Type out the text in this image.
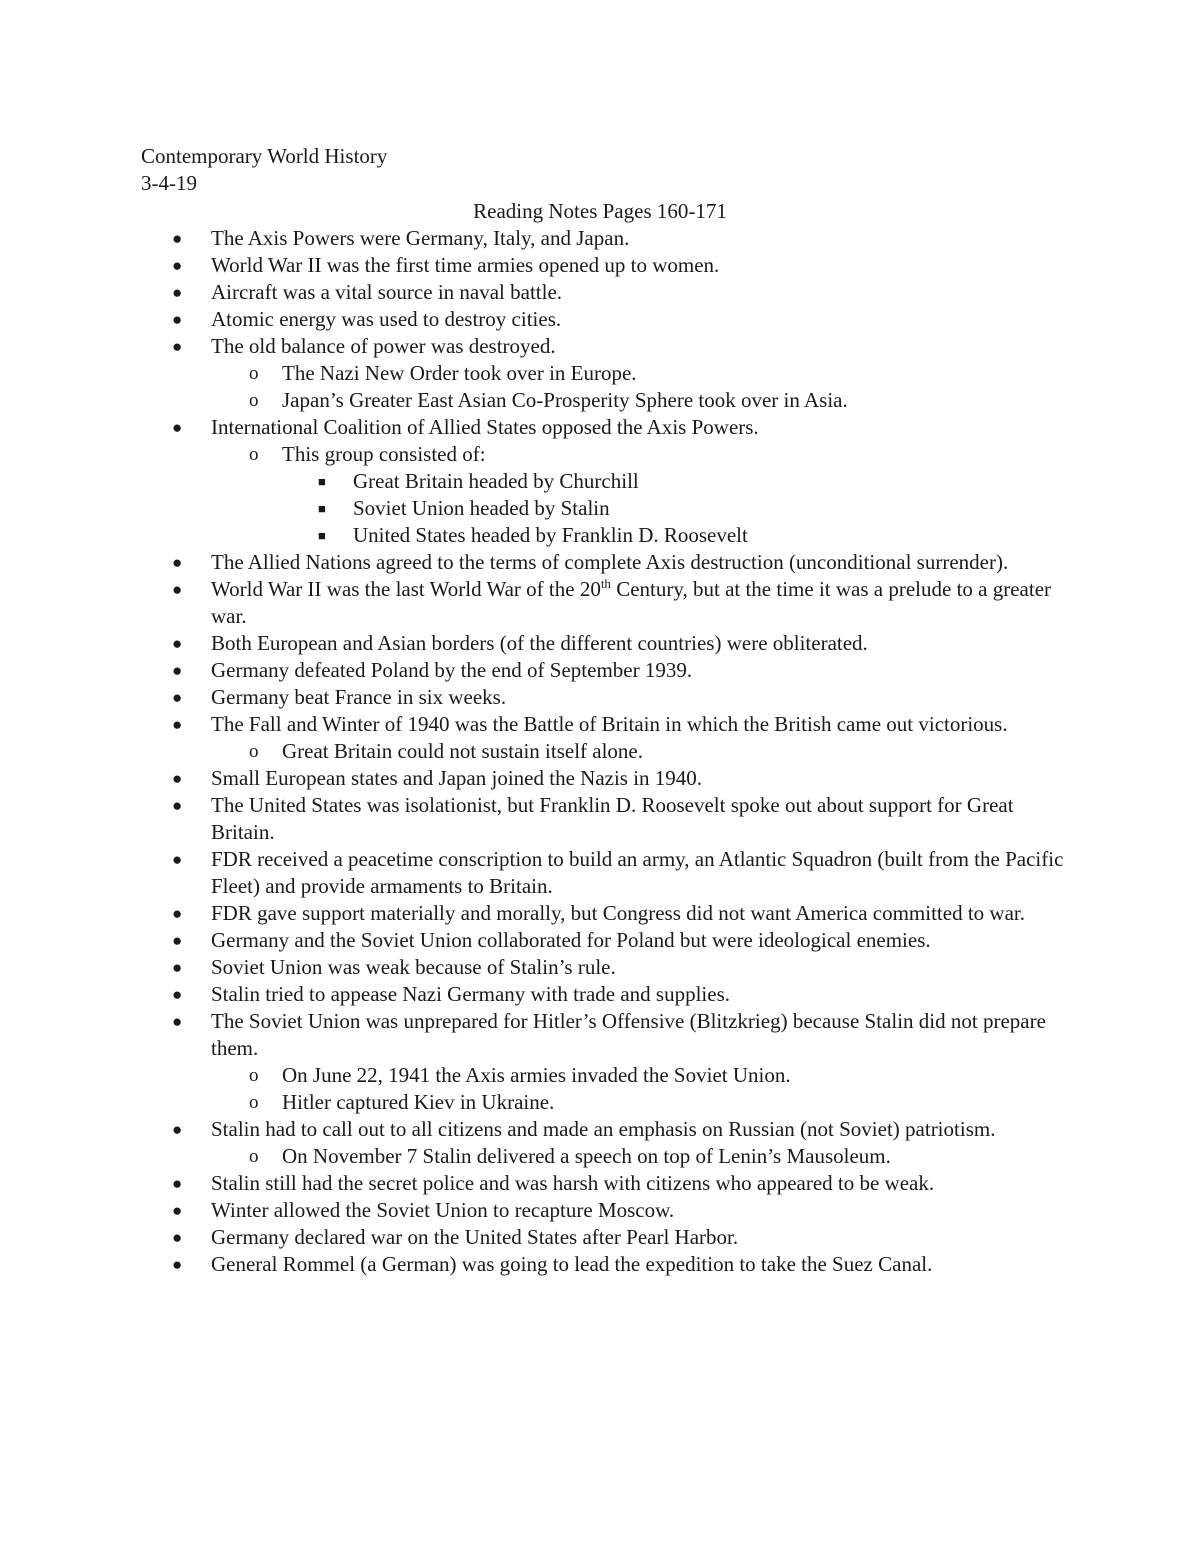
Contemporary World History
3-4-19
Reading Notes Pages 160-171
● The Axis Powers were Germany, Italy, and Japan.
● World War II was the first time armies opened up to women.
● Aircraft was a vital source in naval battle.
● Atomic energy was used to destroy cities.
● The old balance of power was destroyed.
o The Nazi New Order took over in Europe.
o Japan’s Greater East Asian Co-Prosperity Sphere took over in Asia.
● International Coalition of Allied States opposed the Axis Powers.
o This group consisted of:
■ Great Britain headed by Churchill
■ Soviet Union headed by Stalin
■ United States headed by Franklin D. Roosevelt
● The Allied Nations agreed to the terms of complete Axis destruction (unconditional surrender).
● World War II was the last World War of the 20th Century, but at the time it was a prelude to a greater war.
● Both European and Asian borders (of the different countries) were obliterated.
● Germany defeated Poland by the end of September 1939.
● Germany beat France in six weeks.
● The Fall and Winter of 1940 was the Battle of Britain in which the British came out victorious.
o Great Britain could not sustain itself alone.
● Small European states and Japan joined the Nazis in 1940.
● The United States was isolationist, but Franklin D. Roosevelt spoke out about support for Great Britain.
● FDR received a peacetime conscription to build an army, an Atlantic Squadron (built from the Pacific Fleet) and provide armaments to Britain.
● FDR gave support materially and morally, but Congress did not want America committed to war.
● Germany and the Soviet Union collaborated for Poland but were ideological enemies.
● Soviet Union was weak because of Stalin’s rule.
● Stalin tried to appease Nazi Germany with trade and supplies.
● The Soviet Union was unprepared for Hitler’s Offensive (Blitzkrieg) because Stalin did not prepare them.
o On June 22, 1941 the Axis armies invaded the Soviet Union.
o Hitler captured Kiev in Ukraine.
● Stalin had to call out to all citizens and made an emphasis on Russian (not Soviet) patriotism.
o On November 7 Stalin delivered a speech on top of Lenin’s Mausoleum.
● Stalin still had the secret police and was harsh with citizens who appeared to be weak.
● Winter allowed the Soviet Union to recapture Moscow.
● Germany declared war on the United States after Pearl Harbor.
● General Rommel (a German) was going to lead the expedition to take the Suez Canal.
